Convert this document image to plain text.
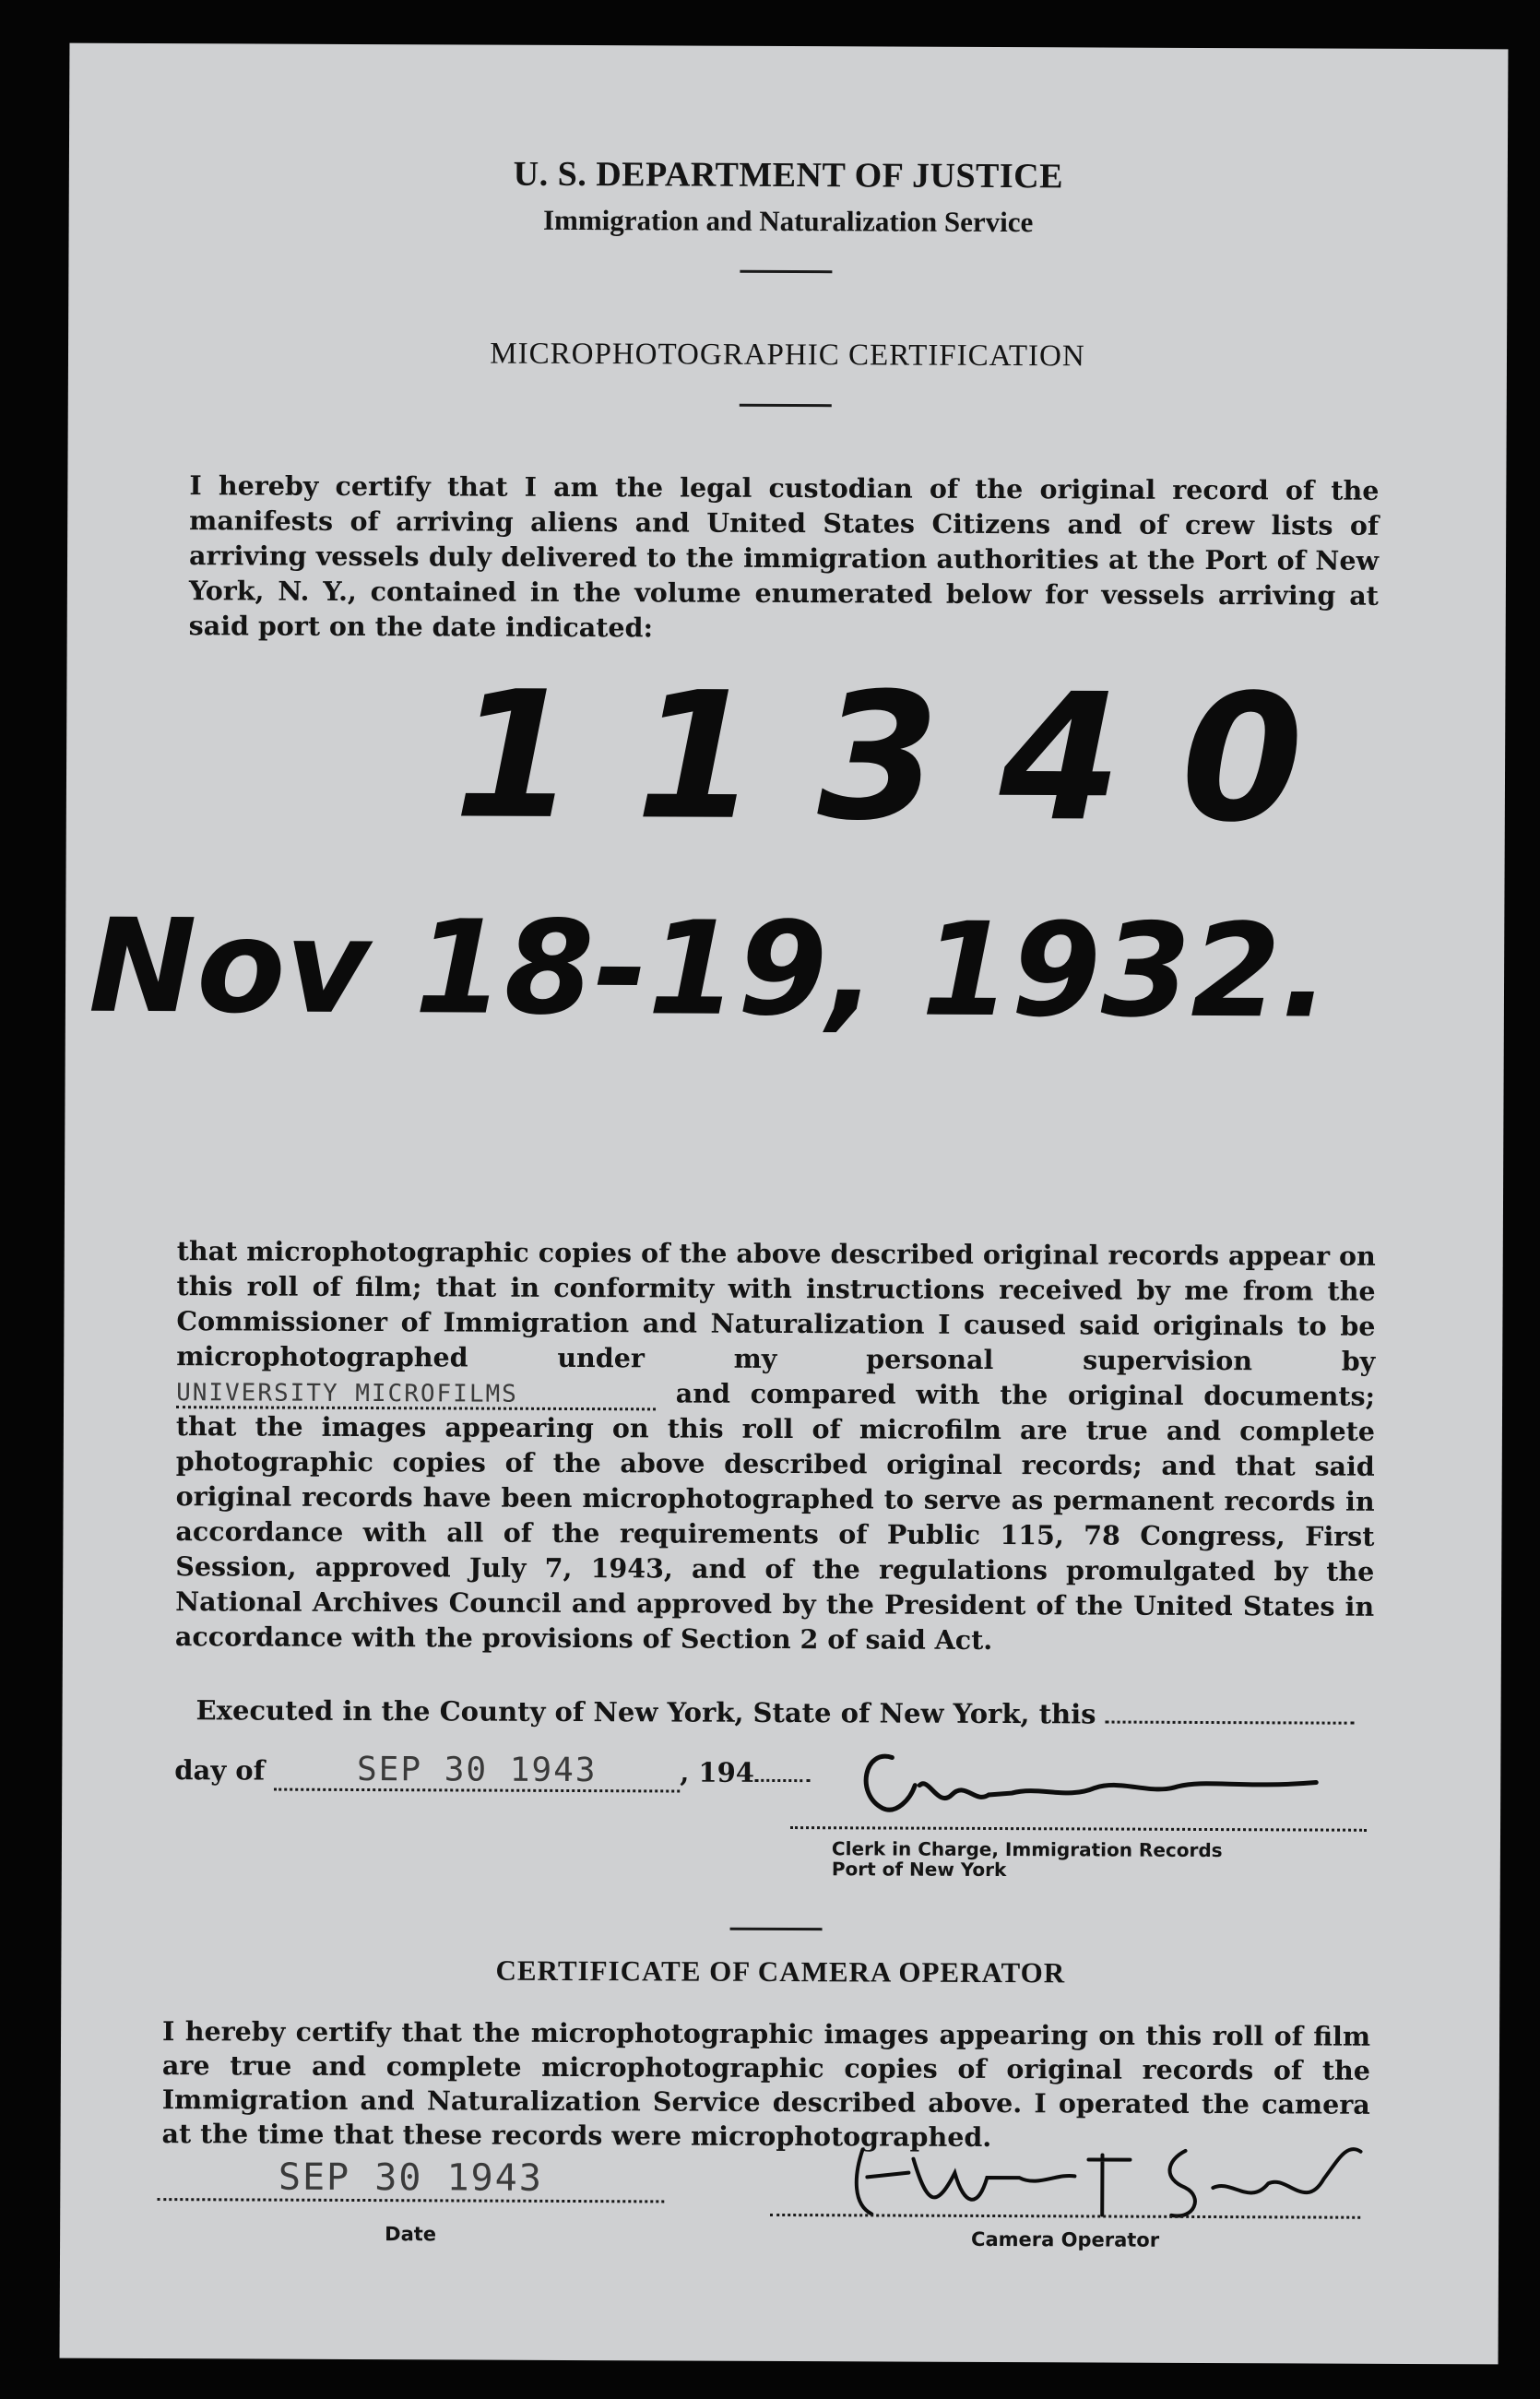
U. S. DEPARTMENT OF JUSTICE
Immigration and Naturalization Service
MICROPHOTOGRAPHIC CERTIFICATION
I hereby certify that I am the legal custodian of the original record of the manifests of arriving aliens and United States Citizens and of crew lists of arriving vessels duly delivered to the immigration authorities at the Port of New York, N. Y., contained in the volume enumerated below for vessels arriving at said port on the date indicated:
11340
Nov 18-19, 1932.
that microphotographic copies of the above described original records appear on this roll of film; that in conformity with instructions received by me from the Commissioner of Immigration and Naturalization I caused said originals to be microphotographed under my personal supervision by UNIVERSITY MICROFILMS	and compared with the original documents; that the images appearing on this roll of microfilm are true and complete photographic copies of the above described original records; and that said original records have been microphotographed to serve as permanent records in accordance with all of the requirements of Public 115, 78 Congress, First Session, approved July 7, 1943, and of the regulations promulgated by the National Archives Council and approved by the President of the United States in accordance with the provisions of Section 2 of said Act.
Executed in the County of New York, State of New York, this
day of	SEP 30 1943	, 194
Clerk in Charge, Immigration Records
Port of New York
CERTIFICATE OF CAMERA OPERATOR
I hereby certify that the microphotographic images appearing on this roll of film are true and complete microphotographic copies of original records of the Immigration and Naturalization Service described above. I operated the camera at the time that these records were microphotographed.
SEP 30 1943
Date	Camera Operator
